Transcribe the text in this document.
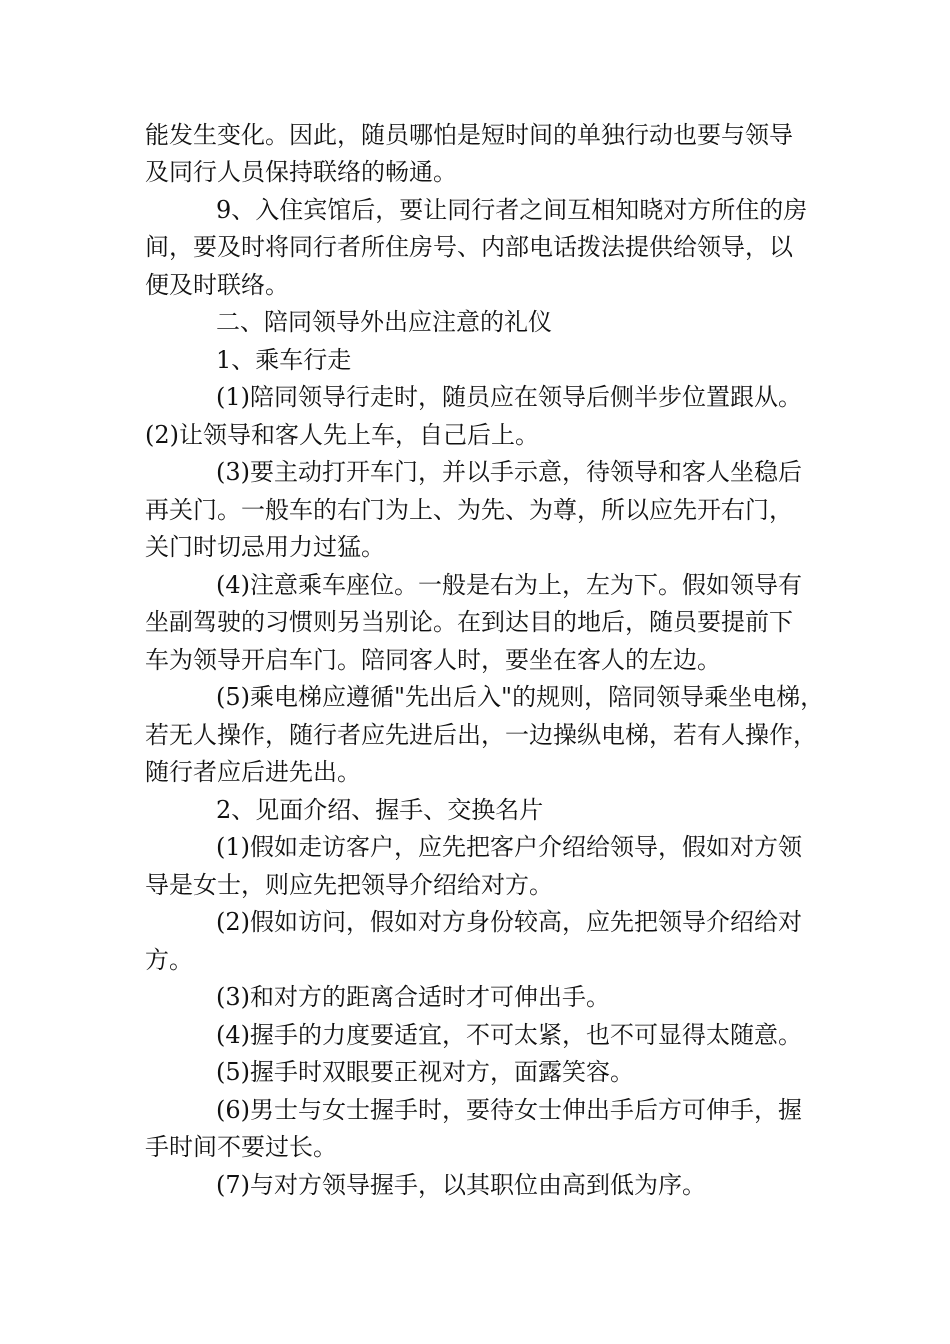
能发生变化。因此，随员哪怕是短时间的单独行动也要与领导
及同行人员保持联络的畅通。
9、入住宾馆后，要让同行者之间互相知晓对方所住的房
间，要及时将同行者所住房号、内部电话拨法提供给领导，以
便及时联络。
二、陪同领导外出应注意的礼仪
1、乘车行走
(1)陪同领导行走时，随员应在领导后侧半步位置跟从。
(2)让领导和客人先上车，自己后上。
(3)要主动打开车门，并以手示意，待领导和客人坐稳后
再关门。一般车的右门为上、为先、为尊，所以应先开右门，
关门时切忌用力过猛。
(4)注意乘车座位。一般是右为上，左为下。假如领导有
坐副驾驶的习惯则另当别论。在到达目的地后，随员要提前下
车为领导开启车门。陪同客人时，要坐在客人的左边。
(5)乘电梯应遵循"先出后入"的规则，陪同领导乘坐电梯，
若无人操作，随行者应先进后出，一边操纵电梯，若有人操作，
随行者应后进先出。
2、见面介绍、握手、交换名片
(1)假如走访客户，应先把客户介绍给领导，假如对方领
导是女士，则应先把领导介绍给对方。
(2)假如访问，假如对方身份较高，应先把领导介绍给对
方。
(3)和对方的距离合适时才可伸出手。
(4)握手的力度要适宜，不可太紧，也不可显得太随意。
(5)握手时双眼要正视对方，面露笑容。
(6)男士与女士握手时，要待女士伸出手后方可伸手，握
手时间不要过长。
(7)与对方领导握手，以其职位由高到低为序。
